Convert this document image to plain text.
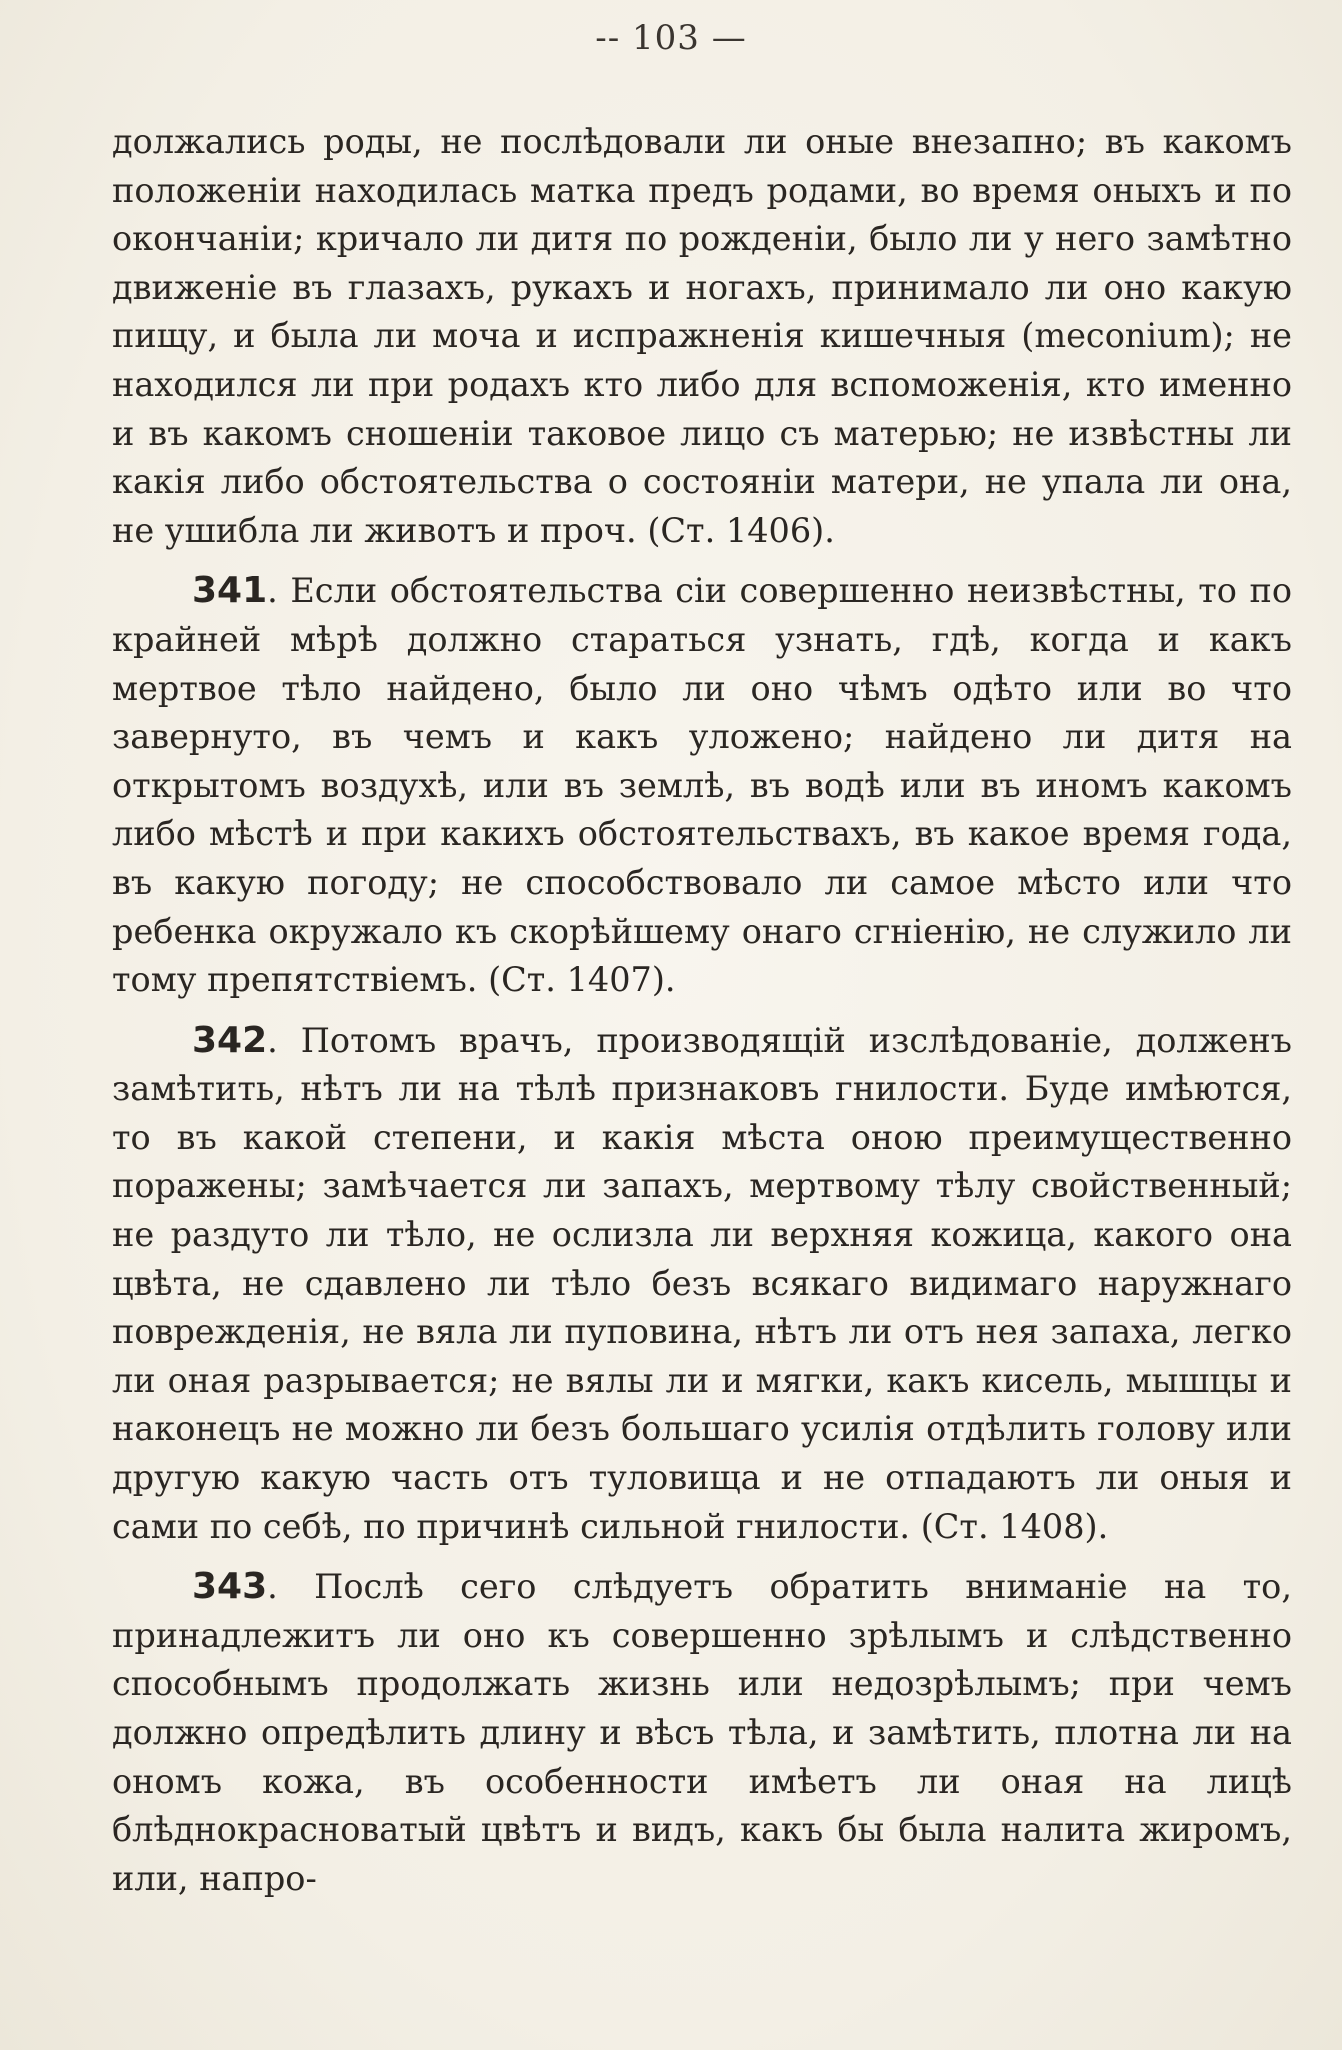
-- 103 —

должались роды, не послѣдовали ли оные внезапно; въ какомъ положенiи находилась матка предъ родами, во время оныхъ и по окончанiи; кричало ли дитя по рожденiи, было ли у него замѣтно движенiе въ глазахъ, рукахъ и ногахъ, принимало ли оно какую пищу, и была ли моча и испражненiя кишечныя (meconium); не находился ли при родахъ кто либо для вспоможенiя, кто именно и въ какомъ сношенiи таковое лицо съ матерью; не извѣстны ли какiя либо обстоятельства о состоянiи матери, не упала ли она, не ушибла ли животъ и проч. (Ст. 1406).

341. Если обстоятельства сiи совершенно неизвѣстны, то по крайней мѣрѣ должно стараться узнать, гдѣ, когда и какъ мертвое тѣло найдено, было ли оно чѣмъ одѣто или во что завернуто, въ чемъ и какъ уложено; найдено ли дитя на открытомъ воздухѣ, или въ землѣ, въ водѣ или въ иномъ какомъ либо мѣстѣ и при какихъ обстоятельствахъ, въ какое время года, въ какую погоду; не способствовало ли самое мѣсто или что ребенка окружало къ скорѣйшему онаго сгнiенiю, не служило ли тому препятствiемъ. (Ст. 1407).

342. Потомъ врачъ, производящiй изслѣдованiе, долженъ замѣтить, нѣтъ ли на тѣлѣ признаковъ гнилости. Буде имѣются, то въ какой степени, и какiя мѣста оною преимущественно поражены; замѣчается ли запахъ, мертвому тѣлу свойственный; не раздуто ли тѣло, не ослизла ли верхняя кожица, какого она цвѣта, не сдавлено ли тѣло безъ всякаго видимаго наружнаго поврежденiя, не вяла ли пуповина, нѣтъ ли отъ нея запаха, легко ли оная разрывается; не вялы ли и мягки, какъ кисель, мышцы и наконецъ не можно ли безъ большаго усилiя отдѣлить голову или другую какую часть отъ туловища и не отпадаютъ ли оныя и сами по себѣ, по причинѣ сильной гнилости. (Ст. 1408).

343. Послѣ сего слѣдуетъ обратить вниманiе на то, принадлежитъ ли оно къ совершенно зрѣлымъ и слѣдственно способнымъ продолжать жизнь или недозрѣлымъ; при чемъ должно опредѣлить длину и вѣсъ тѣла, и замѣтить, плотна ли на ономъ кожа, въ особенности имѣетъ ли оная на лицѣ блѣднокрасноватый цвѣтъ и видъ, какъ бы была налита жиромъ, или, напро-
